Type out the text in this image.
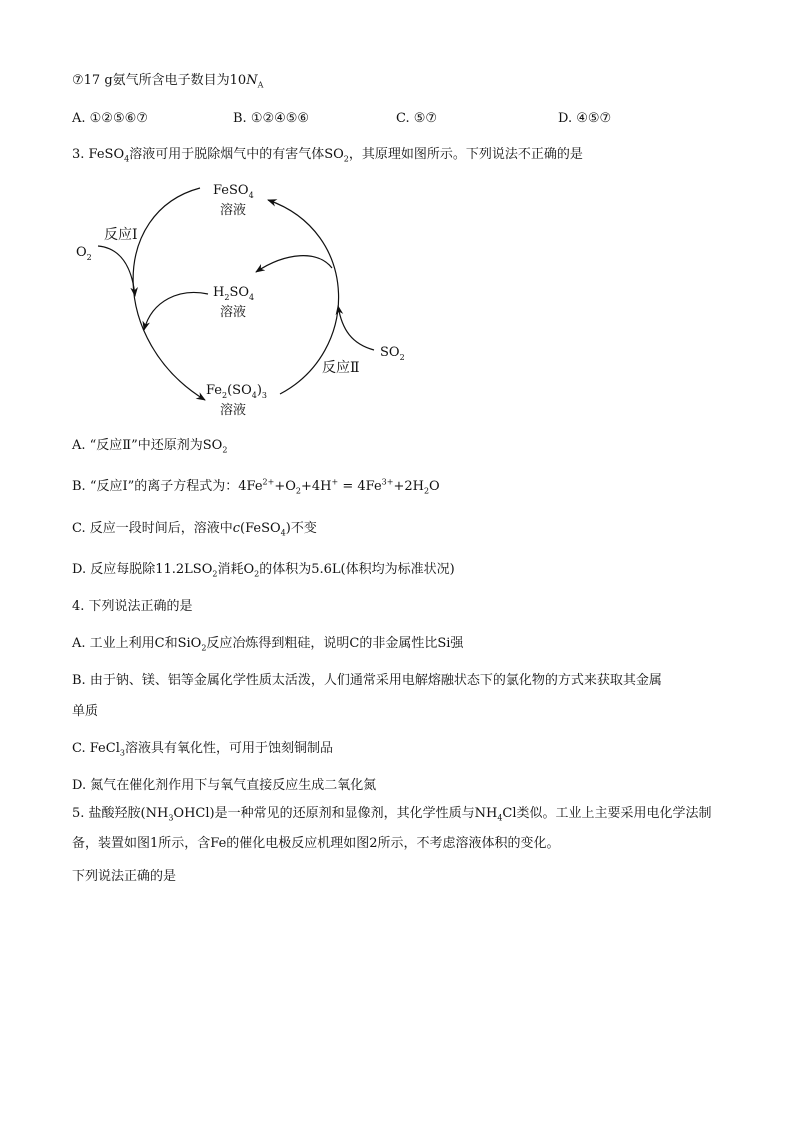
⑦17 g氨气所含电子数目为$10N_A$
A. ①②⑤⑥⑦	B. ①②④⑤⑥	C. ⑤⑦	D. ④⑤⑦
3. FeSO$_4$溶液可用于脱除烟气中的有害气体$SO_2$，其原理如图所示。下列说法不正确的是
FeSO$_4$
溶液
$H_2SO_4$
溶液
$Fe_2(SO_4)_3$
溶液
反应Ⅰ
反应Ⅱ
$O_2$
$SO_2$
A. “反应Ⅱ”中还原剂为$SO_2$
B. “反应Ⅰ”的离子方程式为：$4Fe^{2+}+O_2+4H^+ = 4Fe^{3+}+2H_2O$
C. 反应一段时间后，溶液中c(FeSO$_4$)不变
D. 反应每脱除$11.2LSO_2$消耗$O_2$的体积为5.6L(体积均为标准状况)
4. 下列说法正确的是
A. 工业上利用C和SiO$_2$反应冶炼得到粗硅，说明C的非金属性比Si强
B. 由于钠、镁、铝等金属化学性质太活泼，人们通常采用电解熔融状态下的氯化物的方式来获取其金属
单质
C. FeCl$_3$溶液具有氧化性，可用于蚀刻铜制品
D. 氮气在催化剂作用下与氧气直接反应生成二氧化氮
5. 盐酸羟胺$(NH_3OHCl)$是一种常见的还原剂和显像剂，其化学性质与$NH_4Cl$类似。工业上主要采用电化学法制备，装置如图1所示，含Fe的催化电极反应机理如图2所示，不考虑溶液体积的变化。
下列说法正确的是
